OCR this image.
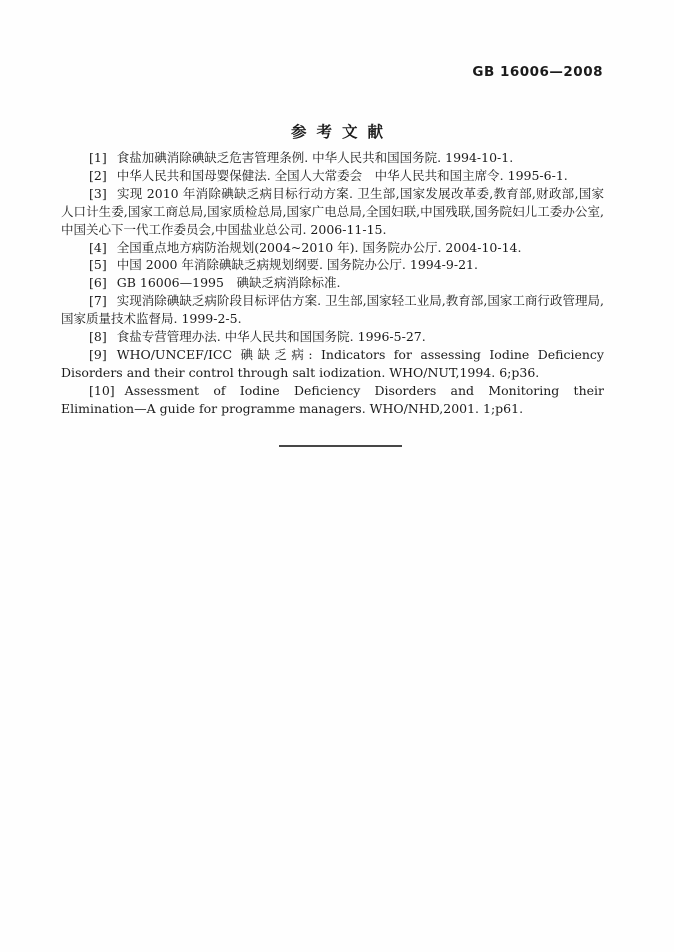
GB 16006—2008
参考文献

[1] 食盐加碘消除碘缺乏危害管理条例. 中华人民共和国国务院. 1994-10-1.

[2] 中华人民共和国母婴保健法. 全国人大常委会　中华人民共和国主席令. 1995-6-1.

[3] 实现 2010 年消除碘缺乏病目标行动方案. 卫生部,国家发展改革委,教育部,财政部,国家人口计生委,国家工商总局,国家质检总局,国家广电总局,全国妇联,中国残联,国务院妇儿工委办公室,中国关心下一代工作委员会,中国盐业总公司. 2006-11-15.

[4] 全国重点地方病防治规划(2004~2010 年). 国务院办公厅. 2004-10-14.

[5] 中国 2000 年消除碘缺乏病规划纲要. 国务院办公厅. 1994-9-21.

[6] GB 16006—1995　碘缺乏病消除标准.

[7] 实现消除碘缺乏病阶段目标评估方案. 卫生部,国家轻工业局,教育部,国家工商行政管理局,国家质量技术监督局. 1999-2-5.

[8] 食盐专营管理办法. 中华人民共和国国务院. 1996-5-27.

[9] WHO/UNCEF/ICC 碘缺乏病: Indicators for assessing Iodine Deficiency Disorders and their control through salt iodization. WHO/NUT,1994. 6;p36.

[10] Assessment of Iodine Deficiency Disorders and Monitoring their Elimination—A guide for programme managers. WHO/NHD,2001. 1;p61.
